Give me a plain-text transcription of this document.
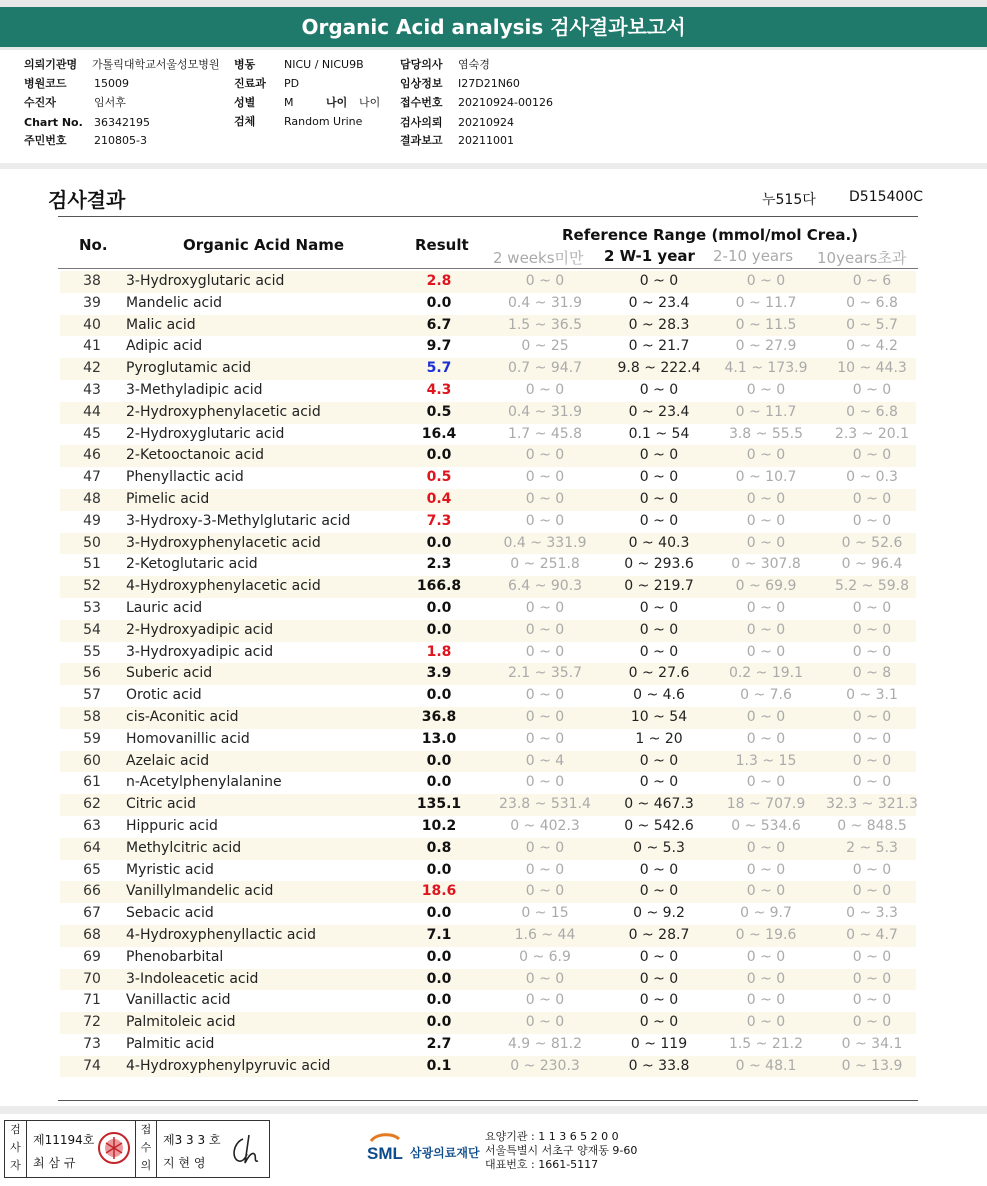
Organic Acid analysis 검사결과보고서
의뢰기관명 가톨릭대학교서울성모병원
병원코드 15009
수진자	임서후
Chart No. 36342195
주민번호 210805-3
병동	NICU / NICU9B
진료과 PD
성별	M	나이 나이
검체	Random Urine
담당의사 염숙경
임상정보 I27D21N60
접수번호 20210924-00126
검사의뢰 20210924
결과보고 20211001
검사결과	누515다 D515400C
No.	Organic Acid Name	Result
Reference Range (mmol/mol Crea.)
2 weeks미만 2 W-1 year 2-10 years 10years초과
38	3-Hydroxyglutaric acid	2.8	0 ~ 0	0 ~ 0	0 ~ 0	0 ~ 6
39	Mandelic acid	0.0	0.4 ~ 31.9	0 ~ 23.4	0 ~ 11.7	0 ~ 6.8
40	Malic acid	6.7	1.5 ~ 36.5	0 ~ 28.3	0 ~ 11.5	0 ~ 5.7
41	Adipic acid	9.7	0 ~ 25	0 ~ 21.7	0 ~ 27.9	0 ~ 4.2
42	Pyroglutamic acid	5.7	0.7 ~ 94.7	9.8 ~ 222.4	4.1 ~ 173.9	10 ~ 44.3
43	3-Methyladipic acid	4.3	0 ~ 0	0 ~ 0	0 ~ 0	0 ~ 0
44	2-Hydroxyphenylacetic acid	0.5	0.4 ~ 31.9	0 ~ 23.4	0 ~ 11.7	0 ~ 6.8
45	2-Hydroxyglutaric acid	16.4	1.7 ~ 45.8	0.1 ~ 54	3.8 ~ 55.5	2.3 ~ 20.1
46	2-Ketooctanoic acid	0.0	0 ~ 0	0 ~ 0	0 ~ 0	0 ~ 0
47	Phenyllactic acid	0.5	0 ~ 0	0 ~ 0	0 ~ 10.7	0 ~ 0.3
48	Pimelic acid	0.4	0 ~ 0	0 ~ 0	0 ~ 0	0 ~ 0
49	3-Hydroxy-3-Methylglutaric acid	7.3	0 ~ 0	0 ~ 0	0 ~ 0	0 ~ 0
50	3-Hydroxyphenylacetic acid	0.0	0.4 ~ 331.9	0 ~ 40.3	0 ~ 0	0 ~ 52.6
51	2-Ketoglutaric acid	2.3	0 ~ 251.8	0 ~ 293.6	0 ~ 307.8	0 ~ 96.4
52	4-Hydroxyphenylacetic acid	166.8	6.4 ~ 90.3	0 ~ 219.7	0 ~ 69.9	5.2 ~ 59.8
53	Lauric acid	0.0	0 ~ 0	0 ~ 0	0 ~ 0	0 ~ 0
54	2-Hydroxyadipic acid	0.0	0 ~ 0	0 ~ 0	0 ~ 0	0 ~ 0
55	3-Hydroxyadipic acid	1.8	0 ~ 0	0 ~ 0	0 ~ 0	0 ~ 0
56	Suberic acid	3.9	2.1 ~ 35.7	0 ~ 27.6	0.2 ~ 19.1	0 ~ 8
57	Orotic acid	0.0	0 ~ 0	0 ~ 4.6	0 ~ 7.6	0 ~ 3.1
58	cis-Aconitic acid	36.8	0 ~ 0	10 ~ 54	0 ~ 0	0 ~ 0
59	Homovanillic acid	13.0	0 ~ 0	1 ~ 20	0 ~ 0	0 ~ 0
60	Azelaic acid	0.0	0 ~ 4	0 ~ 0	1.3 ~ 15	0 ~ 0
61	n-Acetylphenylalanine	0.0	0 ~ 0	0 ~ 0	0 ~ 0	0 ~ 0
62	Citric acid	135.1	23.8 ~ 531.4	0 ~ 467.3	18 ~ 707.9	32.3 ~ 321.3
63	Hippuric acid	10.2	0 ~ 402.3	0 ~ 542.6	0 ~ 534.6	0 ~ 848.5
64	Methylcitric acid	0.8	0 ~ 0	0 ~ 5.3	0 ~ 0	2 ~ 5.3
65	Myristic acid	0.0	0 ~ 0	0 ~ 0	0 ~ 0	0 ~ 0
66	Vanillylmandelic acid	18.6	0 ~ 0	0 ~ 0	0 ~ 0	0 ~ 0
67	Sebacic acid	0.0	0 ~ 15	0 ~ 9.2	0 ~ 9.7	0 ~ 3.3
68	4-Hydroxyphenyllactic acid	7.1	1.6 ~ 44	0 ~ 28.7	0 ~ 19.6	0 ~ 4.7
69	Phenobarbital	0.0	0 ~ 6.9	0 ~ 0	0 ~ 0	0 ~ 0
70	3-Indoleacetic acid	0.0	0 ~ 0	0 ~ 0	0 ~ 0	0 ~ 0
71	Vanillactic acid	0.0	0 ~ 0	0 ~ 0	0 ~ 0	0 ~ 0
72	Palmitoleic acid	0.0	0 ~ 0	0 ~ 0	0 ~ 0	0 ~ 0
73	Palmitic acid	2.7	4.9 ~ 81.2	0 ~ 119	1.5 ~ 21.2	0 ~ 34.1
74	4-Hydroxyphenylpyruvic acid	0.1	0 ~ 230.3	0 ~ 33.8	0 ~ 48.1	0 ~ 13.9
검
사
자
제11194호
최 삼 규
접
수
의
제3 3 3 호
지 현 영	SML 삼광의료재단
요양기관 : 1 1 3 6 5 2 0 0
서울특별시 서초구 양재동 9-60
대표번호 : 1661-5117
